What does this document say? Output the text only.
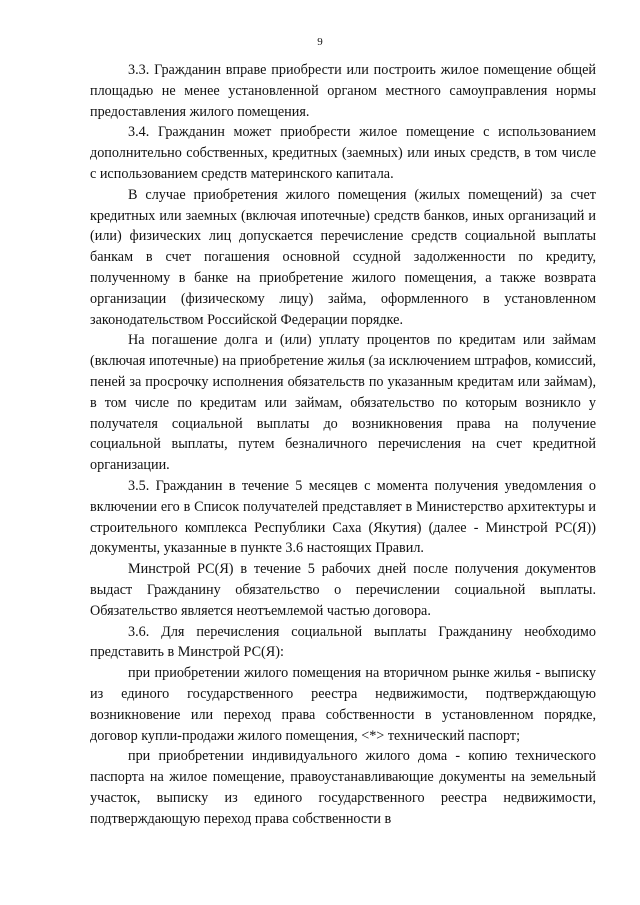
9

3.3. Гражданин вправе приобрести или построить жилое помещение общей площадью не менее установленной органом местного самоуправления нормы предоставления жилого помещения.

3.4. Гражданин может приобрести жилое помещение с использованием дополнительно собственных, кредитных (заемных) или иных средств, в том числе с использованием средств материнского капитала.

В случае приобретения жилого помещения (жилых помещений) за счет кредитных или заемных (включая ипотечные) средств банков, иных организаций и (или) физических лиц допускается перечисление средств социальной выплаты банкам в счет погашения основной ссудной задолженности по кредиту, полученному в банке на приобретение жилого помещения, а также возврата организации (физическому лицу) займа, оформленного в установленном законодательством Российской Федерации порядке.

На погашение долга и (или) уплату процентов по кредитам или займам (включая ипотечные) на приобретение жилья (за исключением штрафов, комиссий, пеней за просрочку исполнения обязательств по указанным кредитам или займам), в том числе по кредитам или займам, обязательство по которым возникло у получателя социальной выплаты до возникновения права на получение социальной выплаты, путем безналичного перечисления на счет кредитной организации.

3.5. Гражданин в течение 5 месяцев с момента получения уведомления о включении его в Список получателей представляет в Министерство архитектуры и строительного комплекса Республики Саха (Якутия) (далее - Минстрой РС(Я)) документы, указанные в пункте 3.6 настоящих Правил.

Минстрой РС(Я) в течение 5 рабочих дней после получения документов выдаст Гражданину обязательство о перечислении социальной выплаты. Обязательство является неотъемлемой частью договора.

3.6. Для перечисления социальной выплаты Гражданину необходимо представить в Минстрой РС(Я):

при приобретении жилого помещения на вторичном рынке жилья - выписку из единого государственного реестра недвижимости, подтверждающую возникновение или переход права собственности в установленном порядке, договор купли-продажи жилого помещения, <*> технический паспорт;

при приобретении индивидуального жилого дома - копию технического паспорта на жилое помещение, правоустанавливающие документы на земельный участок, выписку из единого государственного реестра недвижимости, подтверждающую переход права собственности в
